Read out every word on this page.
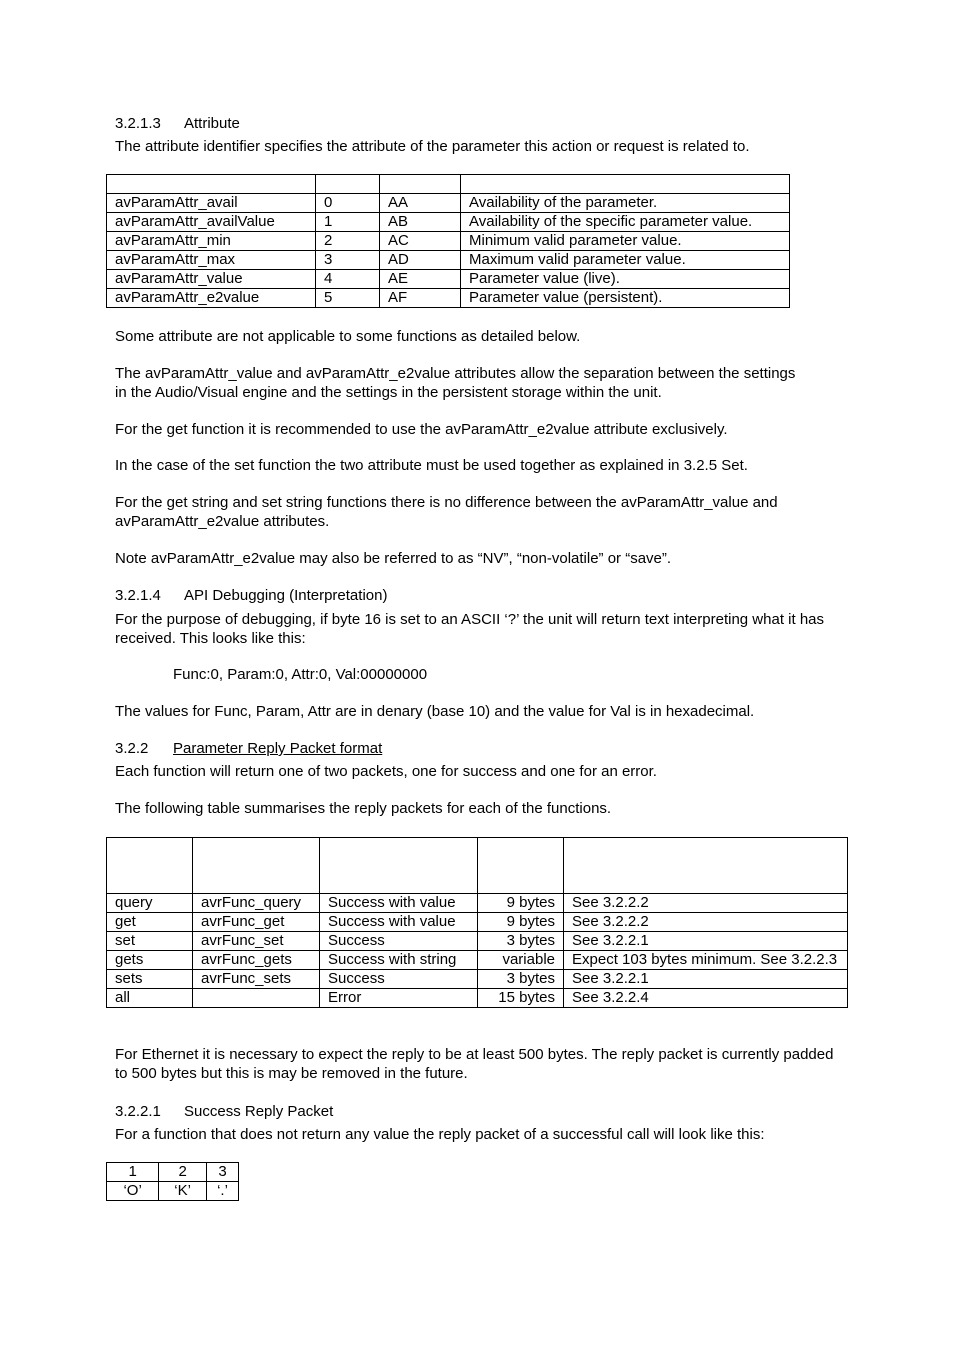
3.2.1.3 Attribute
The attribute identifier specifies the attribute of the parameter this action or request is related to.

avParamAttr_avail	0	AA	Availability of the parameter.
avParamAttr_availValue	1	AB	Availability of the specific parameter value.
avParamAttr_min	2	AC	Minimum valid parameter value.
avParamAttr_max	3	AD	Maximum valid parameter value.
avParamAttr_value	4	AE	Parameter value (live).
avParamAttr_e2value	5	AF	Parameter value (persistent).
Some attribute are not applicable to some functions as detailed below.
The avParamAttr_value and avParamAttr_e2value attributes allow the separation between the settings in the Audio/Visual engine and the settings in the persistent storage within the unit.
For the get function it is recommended to use the avParamAttr_e2value attribute exclusively.
In the case of the set function the two attribute must be used together as explained in 3.2.5 Set.
For the get string and set string functions there is no difference between the avParamAttr_value and avParamAttr_e2value attributes.
Note avParamAttr_e2value may also be referred to as “NV”, “non-volatile” or “save”.
3.2.1.4 API Debugging (Interpretation)
For the purpose of debugging, if byte 16 is set to an ASCII ‘?’ the unit will return text interpreting what it has received. This looks like this:
Func:0, Param:0, Attr:0, Val:00000000
The values for Func, Param, Attr are in denary (base 10) and the value for Val is in hexadecimal.
3.2.2 Parameter Reply Packet format
Each function will return one of two packets, one for success and one for an error.
The following table summarises the reply packets for each of the functions.

query	avrFunc_query	Success with value	9 bytes	See 3.2.2.2
get	avrFunc_get	Success with value	9 bytes	See 3.2.2.2
set	avrFunc_set	Success	3 bytes	See 3.2.2.1
gets	avrFunc_gets	Success with string	variable	Expect 103 bytes minimum. See 3.2.2.3
sets	avrFunc_sets	Success	3 bytes	See 3.2.2.1
all		Error	15 bytes	See 3.2.2.4
For Ethernet it is necessary to expect the reply to be at least 500 bytes. The reply packet is currently padded to 500 bytes but this is may be removed in the future.
3.2.2.1 Success Reply Packet
For a function that does not return any value the reply packet of a successful call will look like this:
1	2	3
‘O’	‘K’	‘.’
